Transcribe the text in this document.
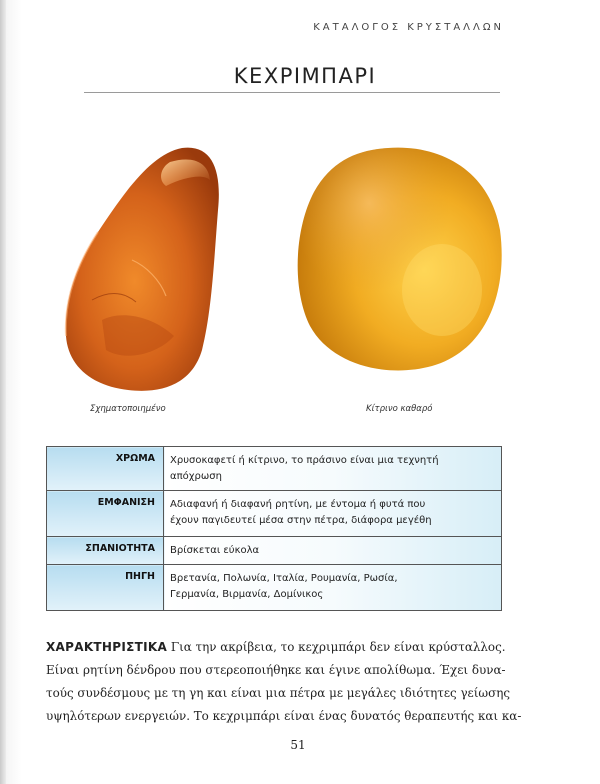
ΚΑΤΑΛΟΓΟΣ ΚΡΥΣΤΑΛΛΩΝ
ΚΕΧΡΙΜΠΑΡΙ
Σχηματοποιημένο	Κίτρινο καθαρό
ΧΡΩΜΑ	Χρυσοκαφετί ή κίτρινο, το πράσινο είναι μια τεχνητή
απόχρωση

ΕΜΦΑΝΙΣΗ	Αδιαφανή ή διαφανή ρητίνη, με έντομα ή φυτά που
έχουν παγιδευτεί μέσα στην πέτρα, διάφορα μεγέθη

ΣΠΑΝΙΟΤΗΤΑ	Βρίσκεται εύκολα

ΠΗΓΗ	Βρετανία, Πολωνία, Ιταλία, Ρουμανία, Ρωσία,
Γερμανία, Βιρμανία, Δομίνικος
ΧΑΡΑΚΤΗΡΙΣΤΙΚΑ Για την ακρίβεια, το κεχριμπάρι δεν είναι κρύσταλλος.
Είναι ρητίνη δένδρου που στερεοποιήθηκε και έγινε απολίθωμα. Έχει δυνα-
τούς συνδέσμους με τη γη και είναι μια πέτρα με μεγάλες ιδιότητες γείωσης
υψηλότερων ενεργειών. Το κεχριμπάρι είναι ένας δυνατός θεραπευτής και κα-
51
